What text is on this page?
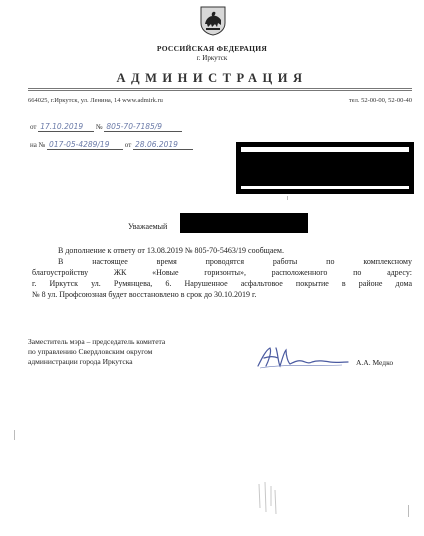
РОССИЙСКАЯ ФЕДЕРАЦИЯ
г. Иркутск
АДМИНИСТРАЦИЯ
664025, г.Иркутск, ул. Ленина, 14 www.admirk.ru	тел. 52-00-00, 52-00-40
от 17.10.2019 № 805-70-7185/9
на № 017-05-4289/19 от 28.06.2019
Уважаемый
В дополнение к ответу от 13.08.2019 № 805-70-5463/19 сообщаем.
В настоящее время проводятся работы по комплексному
благоустройству ЖК «Новые горизонты», расположенного по адресу:
г. Иркутск ул. Румянцева, 6. Нарушенное асфальтовое покрытие в районе дома
№ 8 ул. Профсоюзная будет восстановлено в срок до 30.10.2019 г.
Заместитель мэра – председатель комитета
по управлению Свердловским округом
администрации города Иркутска	А.А. Медко
